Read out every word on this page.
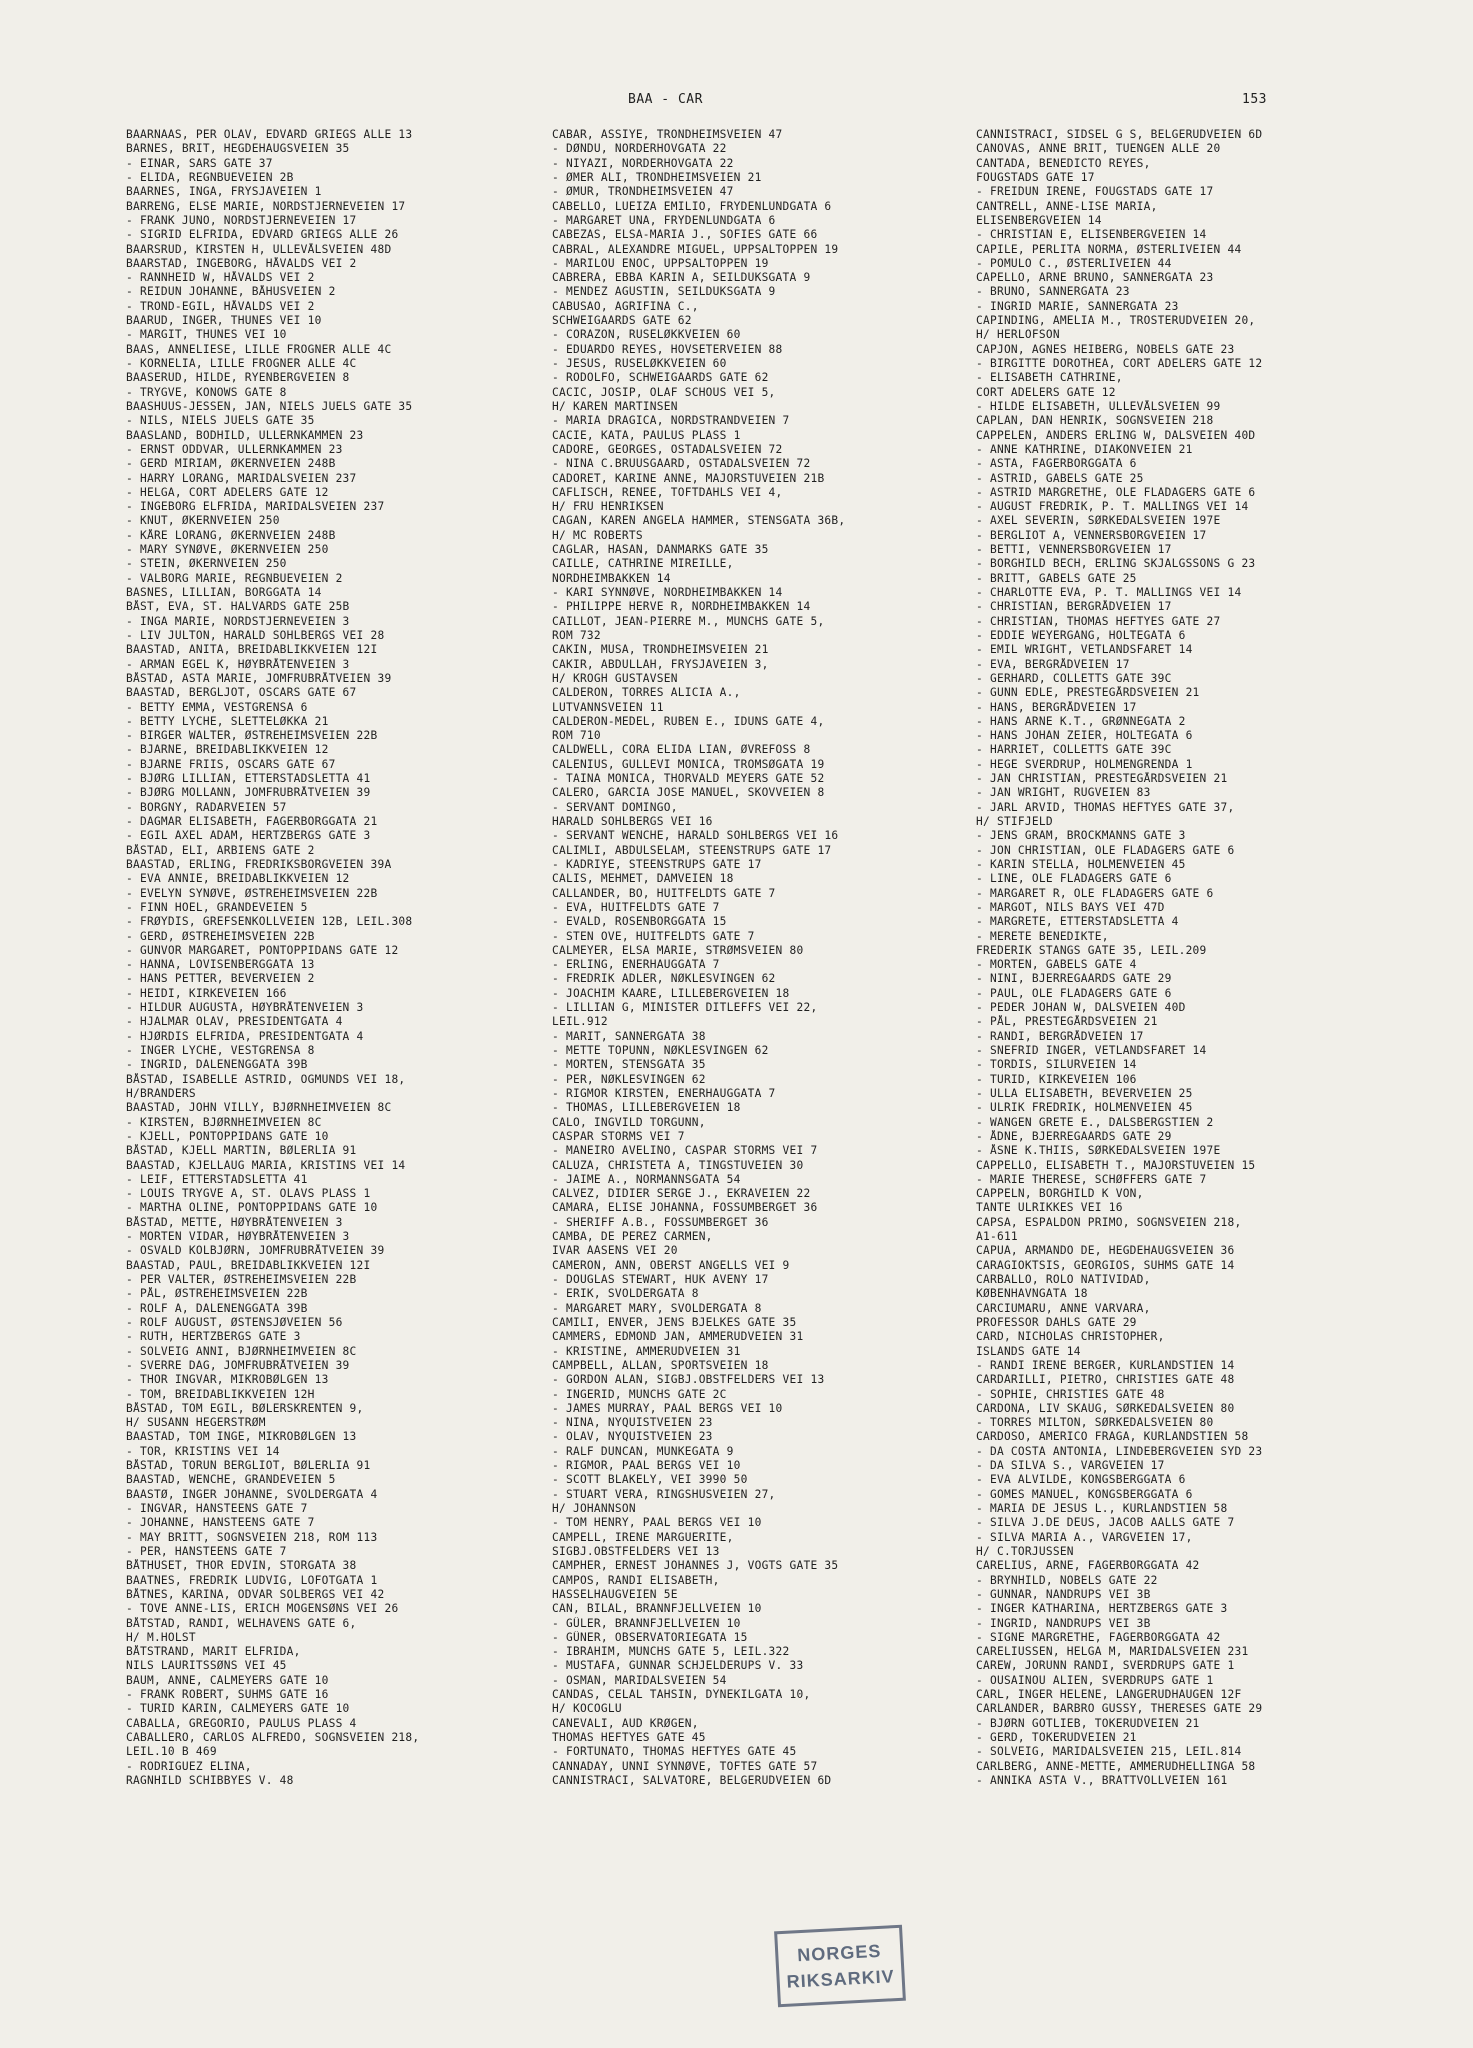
BAA - CAR	153
BAARNAAS, PER OLAV, EDVARD GRIEGS ALLE 13
BARNES, BRIT, HEGDEHAUGSVEIEN 35
- EINAR, SARS GATE 37
- ELIDA, REGNBUEVEIEN 2B
BAARNES, INGA, FRYSJAVEIEN 1
BARRENG, ELSE MARIE, NORDSTJERNEVEIEN 17
- FRANK JUNO, NORDSTJERNEVEIEN 17
- SIGRID ELFRIDA, EDVARD GRIEGS ALLE 26
BAARSRUD, KIRSTEN H, ULLEVÅLSVEIEN 48D
BAARSTAD, INGEBORG, HÅVALDS VEI 2
- RANNHEID W, HÅVALDS VEI 2
- REIDUN JOHANNE, BÅHUSVEIEN 2
- TROND-EGIL, HÅVALDS VEI 2
BAARUD, INGER, THUNES VEI 10
- MARGIT, THUNES VEI 10
BAAS, ANNELIESE, LILLE FROGNER ALLE 4C
- KORNELIA, LILLE FROGNER ALLE 4C
BAASERUD, HILDE, RYENBERGVEIEN 8
- TRYGVE, KONOWS GATE 8
BAASHUUS-JESSEN, JAN, NIELS JUELS GATE 35
- NILS, NIELS JUELS GATE 35
BAASLAND, BODHILD, ULLERNKAMMEN 23
- ERNST ODDVAR, ULLERNKAMMEN 23
- GERD MIRIAM, ØKERNVEIEN 248B
- HARRY LORANG, MARIDALSVEIEN 237
- HELGA, CORT ADELERS GATE 12
- INGEBORG ELFRIDA, MARIDALSVEIEN 237
- KNUT, ØKERNVEIEN 250
- KÅRE LORANG, ØKERNVEIEN 248B
- MARY SYNØVE, ØKERNVEIEN 250
- STEIN, ØKERNVEIEN 250
- VALBORG MARIE, REGNBUEVEIEN 2
BASNES, LILLIAN, BORGGATA 14
BÅST, EVA, ST. HALVARDS GATE 25B
- INGA MARIE, NORDSTJERNEVEIEN 3
- LIV JULTON, HARALD SOHLBERGS VEI 28
BAASTAD, ANITA, BREIDABLIKKVEIEN 12I
- ARMAN EGEL K, HØYBRÅTENVEIEN 3
BÅSTAD, ASTA MARIE, JOMFRUBRÅTVEIEN 39
BAASTAD, BERGLJOT, OSCARS GATE 67
- BETTY EMMA, VESTGRENSA 6
- BETTY LYCHE, SLETTELØKKA 21
- BIRGER WALTER, ØSTREHEIMSVEIEN 22B
- BJARNE, BREIDABLIKKVEIEN 12
- BJARNE FRIIS, OSCARS GATE 67
- BJØRG LILLIAN, ETTERSTADSLETTA 41
- BJØRG MOLLANN, JOMFRUBRÅTVEIEN 39
- BORGNY, RADARVEIEN 57
- DAGMAR ELISABETH, FAGERBORGGATA 21
- EGIL AXEL ADAM, HERTZBERGS GATE 3
BÅSTAD, ELI, ARBIENS GATE 2
BAASTAD, ERLING, FREDRIKSBORGVEIEN 39A
- EVA ANNIE, BREIDABLIKKVEIEN 12
- EVELYN SYNØVE, ØSTREHEIMSVEIEN 22B
- FINN HOEL, GRANDEVEIEN 5
- FRØYDIS, GREFSENKOLLVEIEN 12B, LEIL.308
- GERD, ØSTREHEIMSVEIEN 22B
- GUNVOR MARGARET, PONTOPPIDANS GATE 12
- HANNA, LOVISENBERGGATA 13
- HANS PETTER, BEVERVEIEN 2
- HEIDI, KIRKEVEIEN 166
- HILDUR AUGUSTA, HØYBRÅTENVEIEN 3
- HJALMAR OLAV, PRESIDENTGATA 4
- HJØRDIS ELFRIDA, PRESIDENTGATA 4
- INGER LYCHE, VESTGRENSA 8
- INGRID, DALENENGGATA 39B
BÅSTAD, ISABELLE ASTRID, OGMUNDS VEI 18,
H/BRANDERS
BAASTAD, JOHN VILLY, BJØRNHEIMVEIEN 8C
- KIRSTEN, BJØRNHEIMVEIEN 8C
- KJELL, PONTOPPIDANS GATE 10
BÅSTAD, KJELL MARTIN, BØLERLIA 91
BAASTAD, KJELLAUG MARIA, KRISTINS VEI 14
- LEIF, ETTERSTADSLETTA 41
- LOUIS TRYGVE A, ST. OLAVS PLASS 1
- MARTHA OLINE, PONTOPPIDANS GATE 10
BÅSTAD, METTE, HØYBRÅTENVEIEN 3
- MORTEN VIDAR, HØYBRÅTENVEIEN 3
- OSVALD KOLBJØRN, JOMFRUBRÅTVEIEN 39
BAASTAD, PAUL, BREIDABLIKKVEIEN 12I
- PER VALTER, ØSTREHEIMSVEIEN 22B
- PÅL, ØSTREHEIMSVEIEN 22B
- ROLF A, DALENENGGATA 39B
- ROLF AUGUST, ØSTENSJØVEIEN 56
- RUTH, HERTZBERGS GATE 3
- SOLVEIG ANNI, BJØRNHEIMVEIEN 8C
- SVERRE DAG, JOMFRUBRÅTVEIEN 39
- THOR INGVAR, MIKROBØLGEN 13
- TOM, BREIDABLIKKVEIEN 12H
BÅSTAD, TOM EGIL, BØLERSKRENTEN 9,
H/ SUSANN HEGERSTRØM
BAASTAD, TOM INGE, MIKROBØLGEN 13
- TOR, KRISTINS VEI 14
BÅSTAD, TORUN BERGLIOT, BØLERLIA 91
BAASTAD, WENCHE, GRANDEVEIEN 5
BAASTØ, INGER JOHANNE, SVOLDERGATA 4
- INGVAR, HANSTEENS GATE 7
- JOHANNE, HANSTEENS GATE 7
- MAY BRITT, SOGNSVEIEN 218, ROM 113
- PER, HANSTEENS GATE 7
BÅTHUSET, THOR EDVIN, STORGATA 38
BAATNES, FREDRIK LUDVIG, LOFOTGATA 1
BÅTNES, KARINA, ODVAR SOLBERGS VEI 42
- TOVE ANNE-LIS, ERICH MOGENSØNS VEI 26
BÅTSTAD, RANDI, WELHAVENS GATE 6,
H/ M.HOLST
BÅTSTRAND, MARIT ELFRIDA,
NILS LAURITSSØNS VEI 45
BAUM, ANNE, CALMEYERS GATE 10
- FRANK ROBERT, SUHMS GATE 16
- TURID KARIN, CALMEYERS GATE 10
CABALLA, GREGORIO, PAULUS PLASS 4
CABALLERO, CARLOS ALFREDO, SOGNSVEIEN 218,
LEIL.10 B 469
- RODRIGUEZ ELINA,
RAGNHILD SCHIBBYES V. 48
CABAR, ASSIYE, TRONDHEIMSVEIEN 47
- DØNDU, NORDERHOVGATA 22
- NIYAZI, NORDERHOVGATA 22
- ØMER ALI, TRONDHEIMSVEIEN 21
- ØMUR, TRONDHEIMSVEIEN 47
CABELLO, LUEIZA EMILIO, FRYDENLUNDGATA 6
- MARGARET UNA, FRYDENLUNDGATA 6
CABEZAS, ELSA-MARIA J., SOFIES GATE 66
CABRAL, ALEXANDRE MIGUEL, UPPSALTOPPEN 19
- MARILOU ENOC, UPPSALTOPPEN 19
CABRERA, EBBA KARIN A, SEILDUKSGATA 9
- MENDEZ AGUSTIN, SEILDUKSGATA 9
CABUSAO, AGRIFINA C.,
SCHWEIGAARDS GATE 62
- CORAZON, RUSELØKKVEIEN 60
- EDUARDO REYES, HOVSETERVEIEN 88
- JESUS, RUSELØKKVEIEN 60
- RODOLFO, SCHWEIGAARDS GATE 62
CACIC, JOSIP, OLAF SCHOUS VEI 5,
H/ KAREN MARTINSEN
- MARIA DRAGICA, NORDSTRANDVEIEN 7
CACIE, KATA, PAULUS PLASS 1
CADORE, GEORGES, OSTADALSVEIEN 72
- NINA C.BRUUSGAARD, OSTADALSVEIEN 72
CADORET, KARINE ANNE, MAJORSTUVEIEN 21B
CAFLISCH, RENEE, TOFTDAHLS VEI 4,
H/ FRU HENRIKSEN
CAGAN, KAREN ANGELA HAMMER, STENSGATA 36B,
H/ MC ROBERTS
CAGLAR, HASAN, DANMARKS GATE 35
CAILLE, CATHRINE MIREILLE,
NORDHEIMBAKKEN 14
- KARI SYNNØVE, NORDHEIMBAKKEN 14
- PHILIPPE HERVE R, NORDHEIMBAKKEN 14
CAILLOT, JEAN-PIERRE M., MUNCHS GATE 5,
ROM 732
CAKIN, MUSA, TRONDHEIMSVEIEN 21
CAKIR, ABDULLAH, FRYSJAVEIEN 3,
H/ KROGH GUSTAVSEN
CALDERON, TORRES ALICIA A.,
LUTVANNSVEIEN 11
CALDERON-MEDEL, RUBEN E., IDUNS GATE 4,
ROM 710
CALDWELL, CORA ELIDA LIAN, ØVREFOSS 8
CALENIUS, GULLEVI MONICA, TROMSØGATA 19
- TAINA MONICA, THORVALD MEYERS GATE 52
CALERO, GARCIA JOSE MANUEL, SKOVVEIEN 8
- SERVANT DOMINGO,
HARALD SOHLBERGS VEI 16
- SERVANT WENCHE, HARALD SOHLBERGS VEI 16
CALIMLI, ABDULSELAM, STEENSTRUPS GATE 17
- KADRIYE, STEENSTRUPS GATE 17
CALIS, MEHMET, DAMVEIEN 18
CALLANDER, BO, HUITFELDTS GATE 7
- EVA, HUITFELDTS GATE 7
- EVALD, ROSENBORGGATA 15
- STEN OVE, HUITFELDTS GATE 7
CALMEYER, ELSA MARIE, STRØMSVEIEN 80
- ERLING, ENERHAUGGATA 7
- FREDRIK ADLER, NØKLESVINGEN 62
- JOACHIM KAARE, LILLEBERGVEIEN 18
- LILLIAN G, MINISTER DITLEFFS VEI 22,
LEIL.912
- MARIT, SANNERGATA 38
- METTE TOPUNN, NØKLESVINGEN 62
- MORTEN, STENSGATA 35
- PER, NØKLESVINGEN 62
- RIGMOR KIRSTEN, ENERHAUGGATA 7
- THOMAS, LILLEBERGVEIEN 18
CALO, INGVILD TORGUNN,
CASPAR STORMS VEI 7
- MANEIRO AVELINO, CASPAR STORMS VEI 7
CALUZA, CHRISTETA A, TINGSTUVEIEN 30
- JAIME A., NORMANNSGATA 54
CALVEZ, DIDIER SERGE J., EKRAVEIEN 22
CAMARA, ELISE JOHANNA, FOSSUMBERGET 36
- SHERIFF A.B., FOSSUMBERGET 36
CAMBA, DE PEREZ CARMEN,
IVAR AASENS VEI 20
CAMERON, ANN, OBERST ANGELLS VEI 9
- DOUGLAS STEWART, HUK AVENY 17
- ERIK, SVOLDERGATA 8
- MARGARET MARY, SVOLDERGATA 8
CAMILI, ENVER, JENS BJELKES GATE 35
CAMMERS, EDMOND JAN, AMMERUDVEIEN 31
- KRISTINE, AMMERUDVEIEN 31
CAMPBELL, ALLAN, SPORTSVEIEN 18
- GORDON ALAN, SIGBJ.OBSTFELDERS VEI 13
- INGERID, MUNCHS GATE 2C
- JAMES MURRAY, PAAL BERGS VEI 10
- NINA, NYQUISTVEIEN 23
- OLAV, NYQUISTVEIEN 23
- RALF DUNCAN, MUNKEGATA 9
- RIGMOR, PAAL BERGS VEI 10
- SCOTT BLAKELY, VEI 3990 50
- STUART VERA, RINGSHUSVEIEN 27,
H/ JOHANNSON
- TOM HENRY, PAAL BERGS VEI 10
CAMPELL, IRENE MARGUERITE,
SIGBJ.OBSTFELDERS VEI 13
CAMPHER, ERNEST JOHANNES J, VOGTS GATE 35
CAMPOS, RANDI ELISABETH,
HASSELHAUGVEIEN 5E
CAN, BILAL, BRANNFJELLVEIEN 10
- GÜLER, BRANNFJELLVEIEN 10
- GÜNER, OBSERVATORIEGATA 15
- IBRAHIM, MUNCHS GATE 5, LEIL.322
- MUSTAFA, GUNNAR SCHJELDERUPS V. 33
- OSMAN, MARIDALSVEIEN 54
CANDAS, CELAL TAHSIN, DYNEKILGATA 10,
H/ KOCOGLU
CANEVALI, AUD KRØGEN,
THOMAS HEFTYES GATE 45
- FORTUNATO, THOMAS HEFTYES GATE 45
CANNADAY, UNNI SYNNØVE, TOFTES GATE 57
CANNISTRACI, SALVATORE, BELGERUDVEIEN 6D
CANNISTRACI, SIDSEL G S, BELGERUDVEIEN 6D
CANOVAS, ANNE BRIT, TUENGEN ALLE 20
CANTADA, BENEDICTO REYES,
FOUGSTADS GATE 17
- FREIDUN IRENE, FOUGSTADS GATE 17
CANTRELL, ANNE-LISE MARIA,
ELISENBERGVEIEN 14
- CHRISTIAN E, ELISENBERGVEIEN 14
CAPILE, PERLITA NORMA, ØSTERLIVEIEN 44
- POMULO C., ØSTERLIVEIEN 44
CAPELLO, ARNE BRUNO, SANNERGATA 23
- BRUNO, SANNERGATA 23
- INGRID MARIE, SANNERGATA 23
CAPINDING, AMELIA M., TROSTERUDVEIEN 20,
H/ HERLOFSON
CAPJON, AGNES HEIBERG, NOBELS GATE 23
- BIRGITTE DOROTHEA, CORT ADELERS GATE 12
- ELISABETH CATHRINE,
CORT ADELERS GATE 12
- HILDE ELISABETH, ULLEVÅLSVEIEN 99
CAPLAN, DAN HENRIK, SOGNSVEIEN 218
CAPPELEN, ANDERS ERLING W, DALSVEIEN 40D
- ANNE KATHRINE, DIAKONVEIEN 21
- ASTA, FAGERBORGGATA 6
- ASTRID, GABELS GATE 25
- ASTRID MARGRETHE, OLE FLADAGERS GATE 6
- AUGUST FREDRIK, P. T. MALLINGS VEI 14
- AXEL SEVERIN, SØRKEDALSVEIEN 197E
- BERGLIOT A, VENNERSBORGVEIEN 17
- BETTI, VENNERSBORGVEIEN 17
- BORGHILD BECH, ERLING SKJALGSSONS G 23
- BRITT, GABELS GATE 25
- CHARLOTTE EVA, P. T. MALLINGS VEI 14
- CHRISTIAN, BERGRÅDVEIEN 17
- CHRISTIAN, THOMAS HEFTYES GATE 27
- EDDIE WEYERGANG, HOLTEGATA 6
- EMIL WRIGHT, VETLANDSFARET 14
- EVA, BERGRÅDVEIEN 17
- GERHARD, COLLETTS GATE 39C
- GUNN EDLE, PRESTEGÅRDSVEIEN 21
- HANS, BERGRÅDVEIEN 17
- HANS ARNE K.T., GRØNNEGATA 2
- HANS JOHAN ZEIER, HOLTEGATA 6
- HARRIET, COLLETTS GATE 39C
- HEGE SVERDRUP, HOLMENGRENDA 1
- JAN CHRISTIAN, PRESTEGÅRDSVEIEN 21
- JAN WRIGHT, RUGVEIEN 83
- JARL ARVID, THOMAS HEFTYES GATE 37,
H/ STIFJELD
- JENS GRAM, BROCKMANNS GATE 3
- JON CHRISTIAN, OLE FLADAGERS GATE 6
- KARIN STELLA, HOLMENVEIEN 45
- LINE, OLE FLADAGERS GATE 6
- MARGARET R, OLE FLADAGERS GATE 6
- MARGOT, NILS BAYS VEI 47D
- MARGRETE, ETTERSTADSLETTA 4
- MERETE BENEDIKTE,
FREDERIK STANGS GATE 35, LEIL.209
- MORTEN, GABELS GATE 4
- NINI, BJERREGAARDS GATE 29
- PAUL, OLE FLADAGERS GATE 6
- PEDER JOHAN W, DALSVEIEN 40D
- PÅL, PRESTEGÅRDSVEIEN 21
- RANDI, BERGRÅDVEIEN 17
- SNEFRID INGER, VETLANDSFARET 14
- TORDIS, SILURVEIEN 14
- TURID, KIRKEVEIEN 106
- ULLA ELISABETH, BEVERVEIEN 25
- ULRIK FREDRIK, HOLMENVEIEN 45
- WANGEN GRETE E., DALSBERGSTIEN 2
- ÅDNE, BJERREGAARDS GATE 29
- ÅSNE K.THIIS, SØRKEDALSVEIEN 197E
CAPPELLO, ELISABETH T., MAJORSTUVEIEN 15
- MARIE THERESE, SCHØFFERS GATE 7
CAPPELN, BORGHILD K VON,
TANTE ULRIKKES VEI 16
CAPSA, ESPALDON PRIMO, SOGNSVEIEN 218,
A1-611
CAPUA, ARMANDO DE, HEGDEHAUGSVEIEN 36
CARAGIOKTSIS, GEORGIOS, SUHMS GATE 14
CARBALLO, ROLO NATIVIDAD,
KØBENHAVNGATA 18
CARCIUMARU, ANNE VARVARA,
PROFESSOR DAHLS GATE 29
CARD, NICHOLAS CHRISTOPHER,
ISLANDS GATE 14
- RANDI IRENE BERGER, KURLANDSTIEN 14
CARDARILLI, PIETRO, CHRISTIES GATE 48
- SOPHIE, CHRISTIES GATE 48
CARDONA, LIV SKAUG, SØRKEDALSVEIEN 80
- TORRES MILTON, SØRKEDALSVEIEN 80
CARDOSO, AMERICO FRAGA, KURLANDSTIEN 58
- DA COSTA ANTONIA, LINDEBERGVEIEN SYD 23
- DA SILVA S., VARGVEIEN 17
- EVA ALVILDE, KONGSBERGGATA 6
- GOMES MANUEL, KONGSBERGGATA 6
- MARIA DE JESUS L., KURLANDSTIEN 58
- SILVA J.DE DEUS, JACOB AALLS GATE 7
- SILVA MARIA A., VARGVEIEN 17,
H/ C.TORJUSSEN
CARELIUS, ARNE, FAGERBORGGATA 42
- BRYNHILD, NOBELS GATE 22
- GUNNAR, NANDRUPS VEI 3B
- INGER KATHARINA, HERTZBERGS GATE 3
- INGRID, NANDRUPS VEI 3B
- SIGNE MARGRETHE, FAGERBORGGATA 42
CARELIUSSEN, HELGA M, MARIDALSVEIEN 231
CAREW, JORUNN RANDI, SVERDRUPS GATE 1
- OUSAINOU ALIEN, SVERDRUPS GATE 1
CARL, INGER HELENE, LANGERUDHAUGEN 12F
CARLANDER, BARBRO GUSSY, THERESES GATE 29
- BJØRN GOTLIEB, TOKERUDVEIEN 21
- GERD, TOKERUDVEIEN 21
- SOLVEIG, MARIDALSVEIEN 215, LEIL.814
CARLBERG, ANNE-METTE, AMMERUDHELLINGA 58
- ANNIKA ASTA V., BRATTVOLLVEIEN 161
NORGES
RIKSARKIV
